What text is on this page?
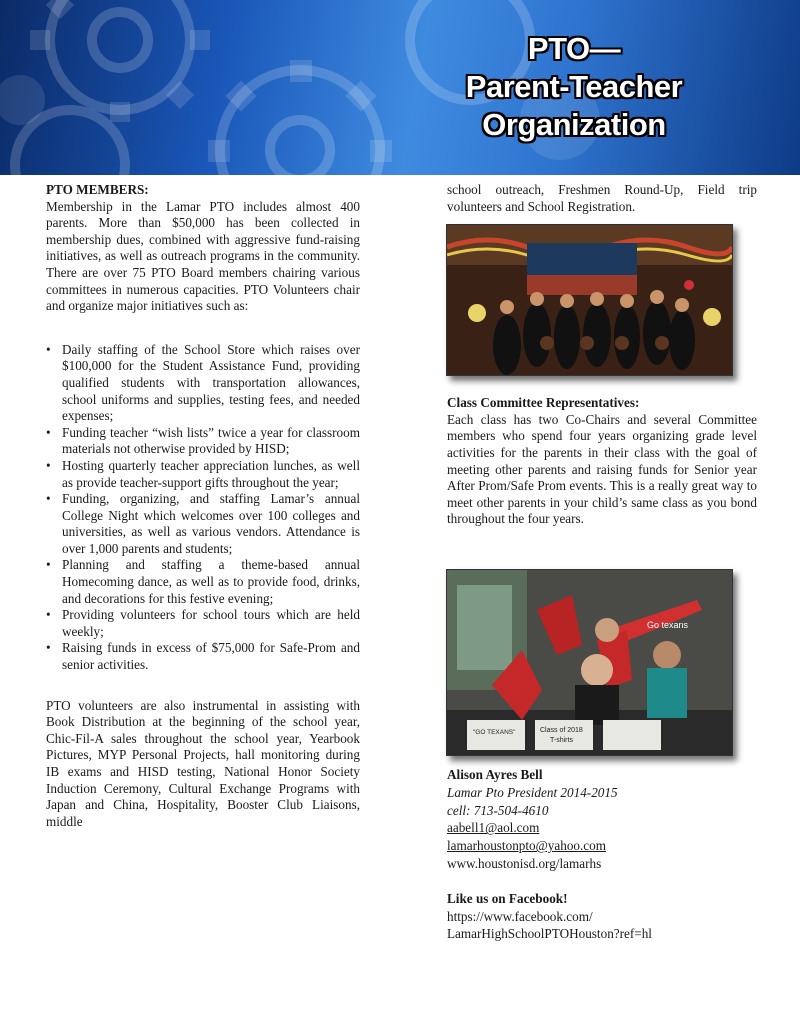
PTO—
Parent-Teacher
Organization
PTO MEMBERS:

Membership in the Lamar PTO includes almost 400 parents. More than $50,000 has been collected in membership dues, combined with aggressive fund-raising initiatives, as well as outreach programs in the community. There are over 75 PTO Board members chairing various committees in numerous capacities. PTO Volunteers chair and organize major initiatives such as:

• Daily staffing of the School Store which raises over $100,000 for the Student Assistance Fund, providing qualified students with transportation allowances, school uniforms and supplies, testing fees, and needed expenses;
• Funding teacher “wish lists” twice a year for classroom materials not otherwise provided by HISD;
• Hosting quarterly teacher appreciation lunches, as well as provide teacher-support gifts throughout the year;
• Funding, organizing, and staffing Lamar’s annual College Night which welcomes over 100 colleges and universities, as well as various vendors. Attendance is over 1,000 parents and students;
• Planning and staffing a theme-based annual Homecoming dance, as well as to provide food, drinks, and decorations for this festive evening;
• Providing volunteers for school tours which are held weekly;
• Raising funds in excess of $75,000 for Safe-Prom and senior activities.

PTO volunteers are also instrumental in assisting with Book Distribution at the beginning of the school year, Chic-Fil-A sales throughout the school year, Yearbook Pictures, MYP Personal Projects, hall monitoring during IB exams and HISD testing, National Honor Society Induction Ceremony, Cultural Exchange Programs with Japan and China, Hospitality, Booster Club Liaisons, middle

school outreach, Freshmen Round-Up, Field trip volunteers and School Registration.

Class Committee Representatives:

Each class has two Co-Chairs and several Committee members who spend four years organizing grade level activities for the parents in their class with the goal of meeting other parents and raising funds for Senior year After Prom/Safe Prom events. This is a really great way to meet other parents in your child’s same class as you bond throughout the four years.

Go texans
"GO TEXANS"	Class of 2018
T-shirts
Alison Ayres Bell
Lamar Pto President 2014-2015
cell: 713-504-4610
aabell1@aol.com
lamarhoustonpto@yahoo.com
www.houstonisd.org/lamarhs
Like us on Facebook!
https://www.facebook.com/
LamarHighSchoolPTOHouston?ref=hl
